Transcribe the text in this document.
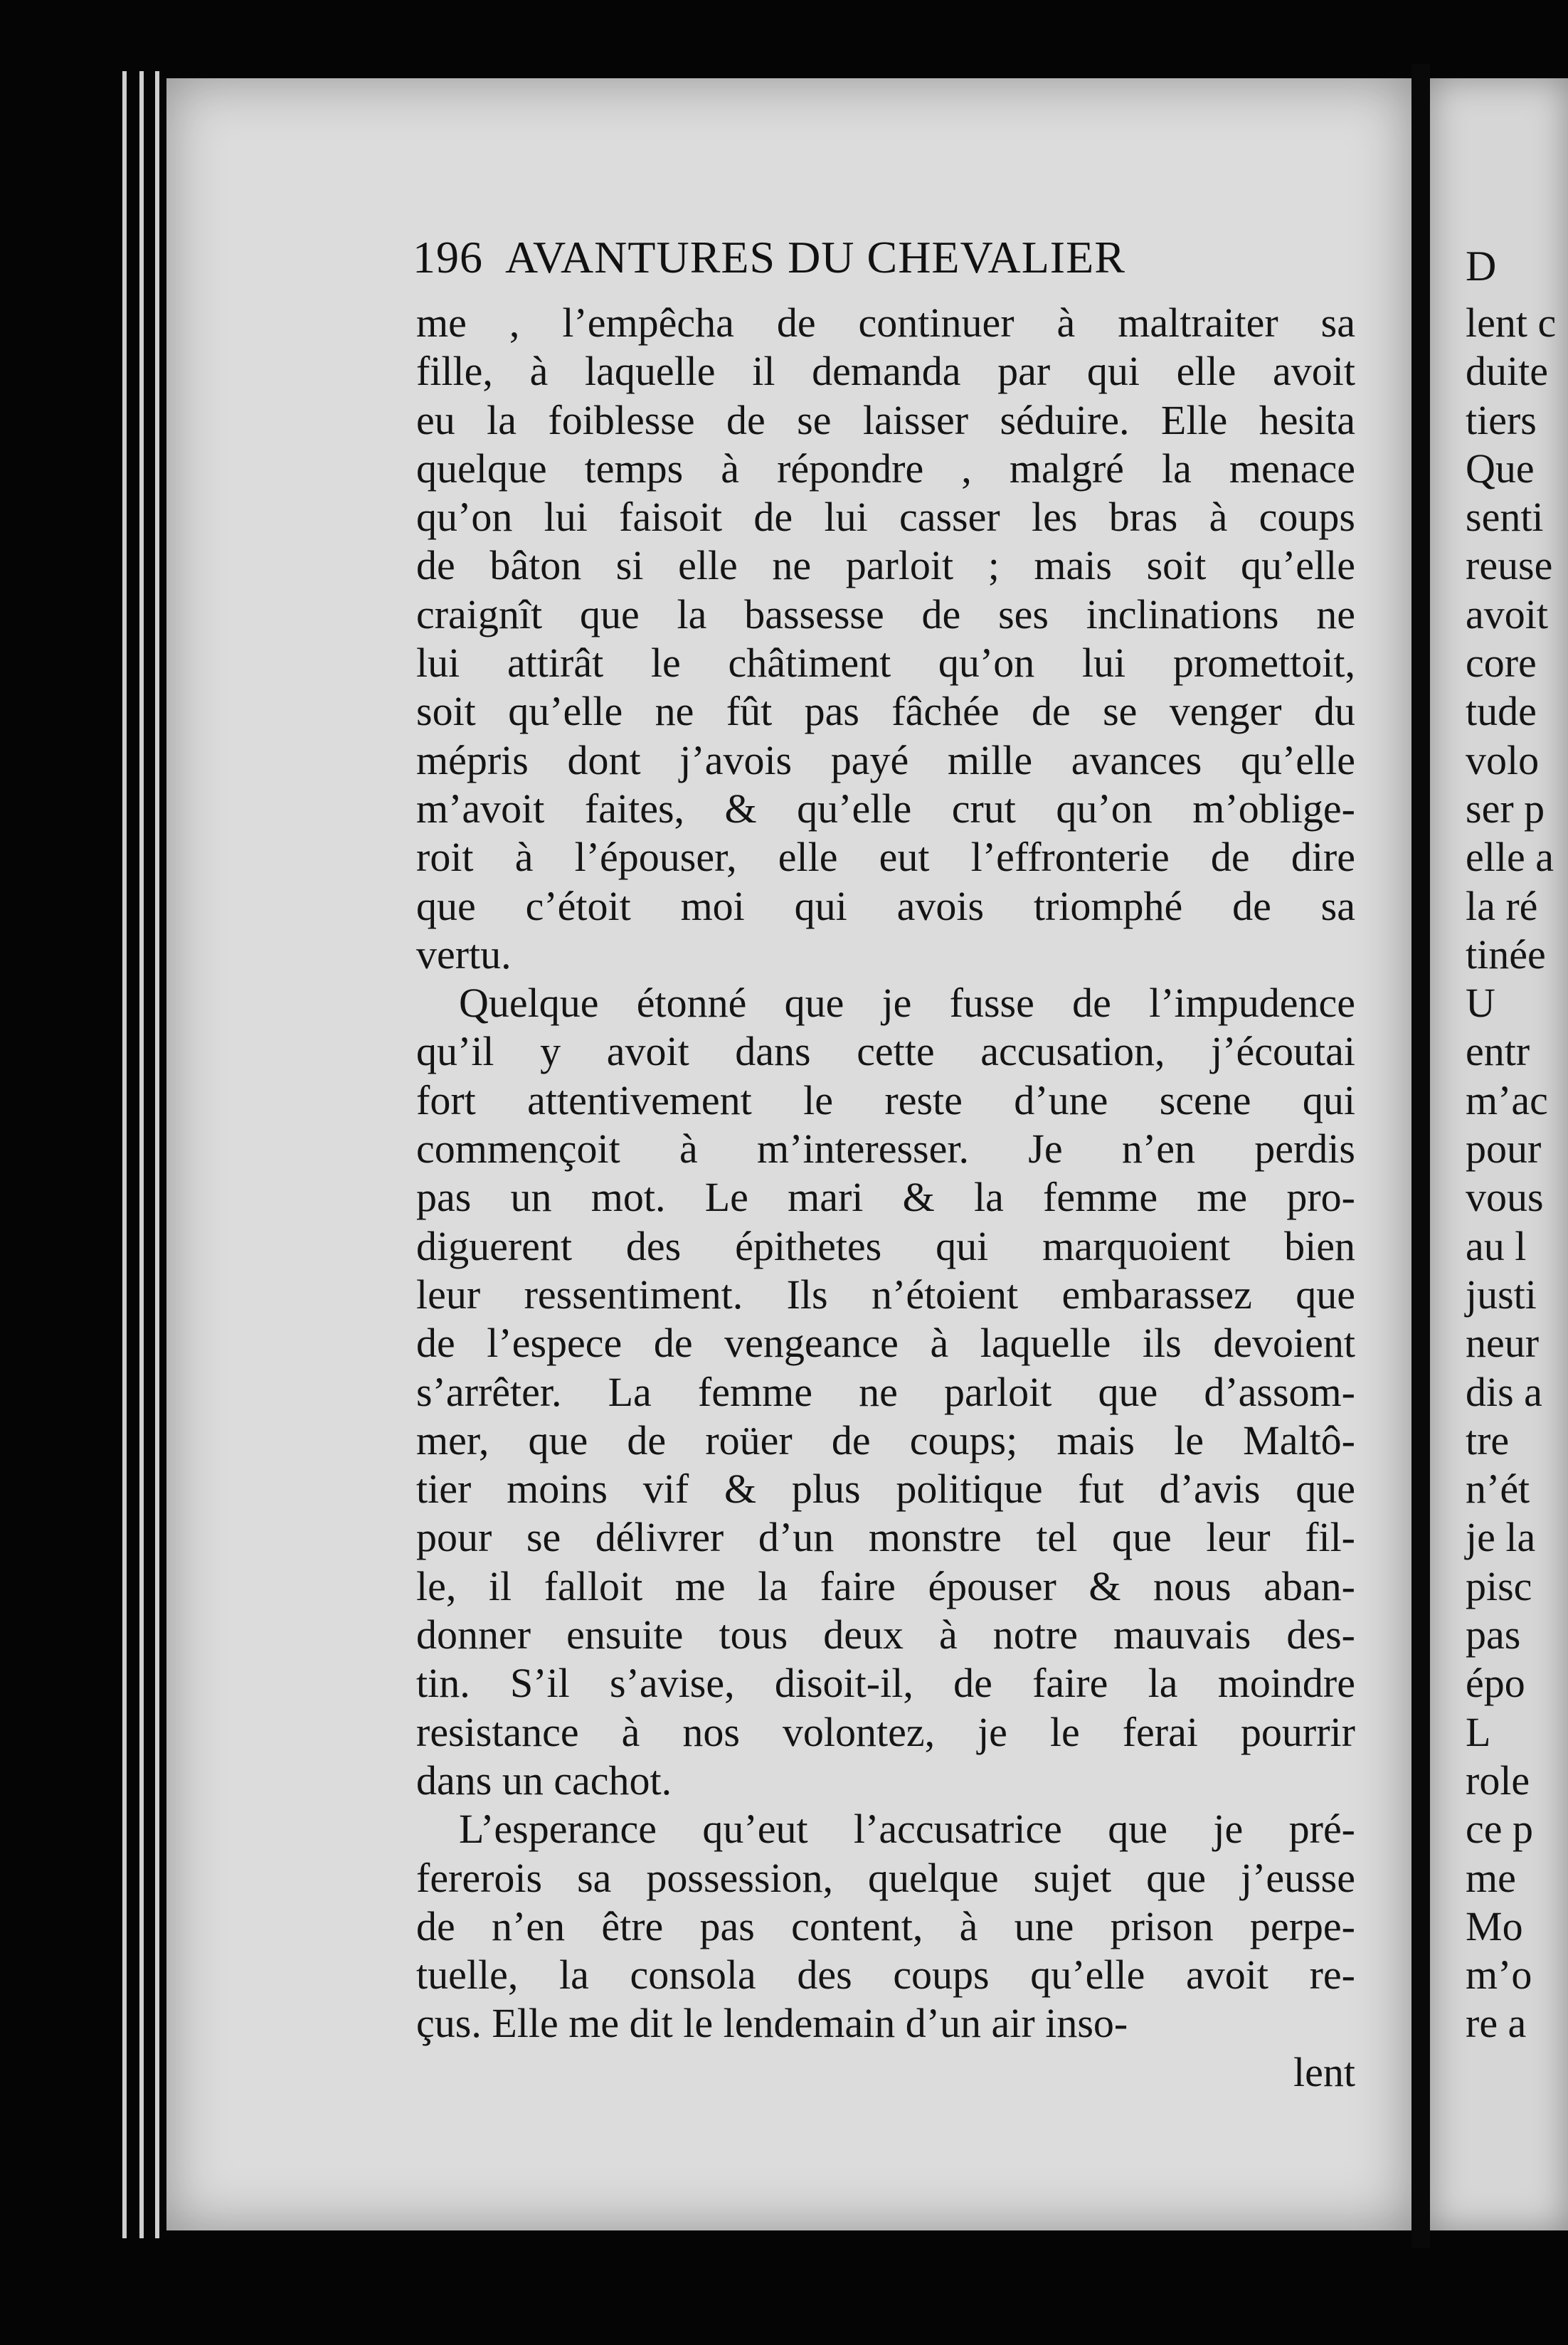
196 AVANTURES DU CHEVALIER
me , l’empêcha de continuer à maltraiter sa
fille, à laquelle il demanda par qui elle avoit
eu la foiblesse de se laisser séduire. Elle hesita
quelque temps à répondre , malgré la menace
qu’on lui faisoit de lui casser les bras à coups
de bâton si elle ne parloit ; mais soit qu’elle
craignît que la bassesse de ses inclinations ne
lui attirât le châtiment qu’on lui promettoit,
soit qu’elle ne fût pas fâchée de se venger du
mépris dont j’avois payé mille avances qu’elle
m’avoit faites, & qu’elle crut qu’on m’oblige-
roit à l’épouser, elle eut l’effronterie de dire
que c’étoit moi qui avois triomphé de sa
vertu.
Quelque étonné que je fusse de l’impudence
qu’il y avoit dans cette accusation, j’écoutai
fort attentivement le reste d’une scene qui
commençoit à m’interesser. Je n’en perdis
pas un mot. Le mari & la femme me pro-
diguerent des épithetes qui marquoient bien
leur ressentiment. Ils n’étoient embarassez que
de l’espece de vengeance à laquelle ils devoient
s’arrêter. La femme ne parloit que d’assom-
mer, que de roüer de coups; mais le Maltô-
tier moins vif & plus politique fut d’avis que
pour se délivrer d’un monstre tel que leur fil-
le, il falloit me la faire épouser & nous aban-
donner ensuite tous deux à notre mauvais des-
tin. S’il s’avise, disoit-il, de faire la moindre
resistance à nos volontez, je le ferai pourrir
dans un cachot.
L’esperance qu’eut l’accusatrice que je pré-
fererois sa possession, quelque sujet que j’eusse
de n’en être pas content, à une prison perpe-
tuelle, la consola des coups qu’elle avoit re-
çus. Elle me dit le lendemain d’un air inso-
lent
D
lent c
duite
tiers
Que
senti
reuse
avoit
core
tude
volo
ser p
elle a
la ré
tinée
U
entr
m’ac
pour
vous
au l
justi
neur
dis a
tre
n’ét
je la
pisc
pas
épo
L
role
ce p
me
Mo
m’o
re a
